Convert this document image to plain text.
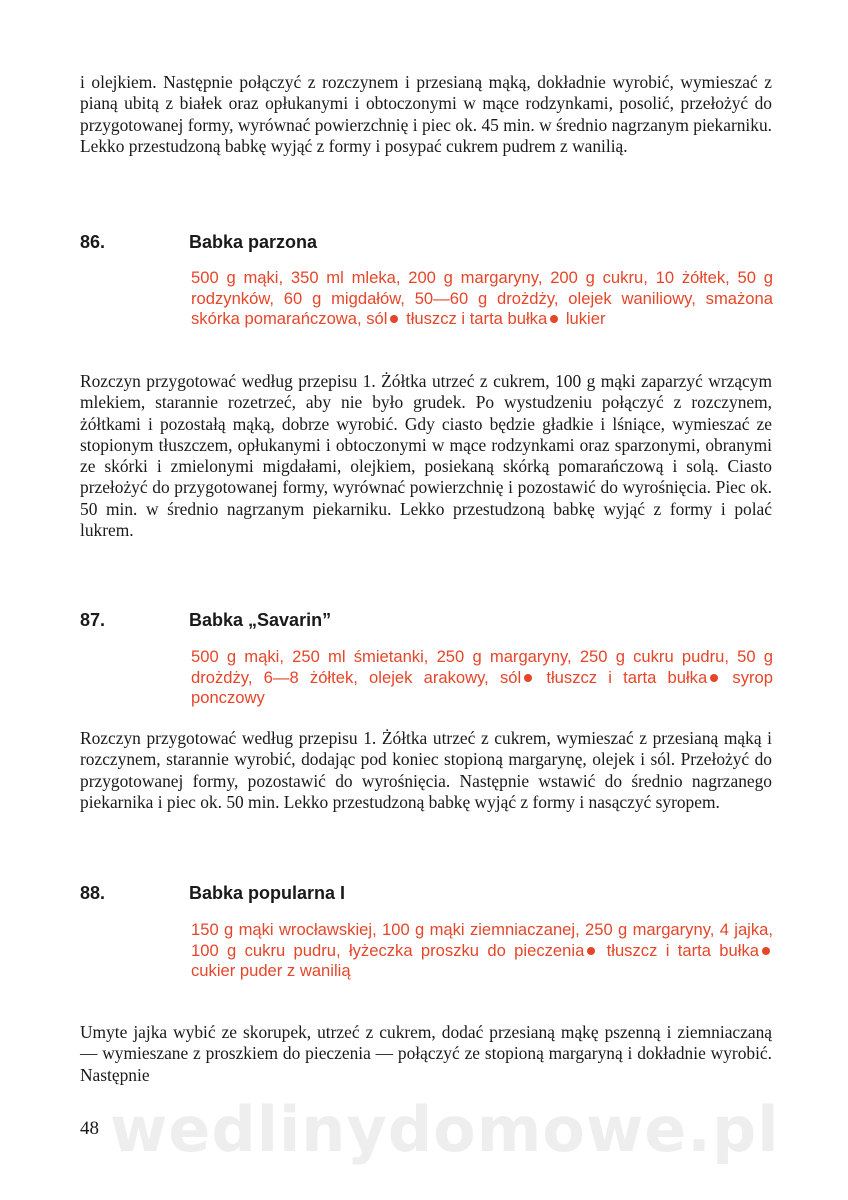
i olejkiem. Następnie połączyć z rozczynem i przesianą mąką, dokładnie wyrobić, wymieszać z pianą ubitą z białek oraz opłukanymi i obtoczonymi w mące rodzynkami, posolić, przełożyć do przygotowanej formy, wyrównać powierzchnię i piec ok. 45 min. w średnio nagrzanym piekarniku. Lekko przestudzoną babkę wyjąć z formy i posypać cukrem pudrem z wanilią.

86.	Babka parzona

500 g mąki, 350 ml mleka, 200 g margaryny, 200 g cukru, 10 żółtek, 50 g rodzynków, 60 g migdałów, 50—60 g drożdży, olejek waniliowy, smażona skórka pomarańczowa, sól tłuszcz i tarta bułka lukier

Rozczyn przygotować według przepisu 1. Żółtka utrzeć z cukrem, 100 g mąki zaparzyć wrzącym mlekiem, starannie rozetrzeć, aby nie było grudek. Po wystudzeniu połączyć z rozczynem, żółtkami i pozostałą mąką, dobrze wyrobić. Gdy ciasto będzie gładkie i lśniące, wymieszać ze stopionym tłuszczem, opłukanymi i obtoczonymi w mące rodzynkami oraz sparzonymi, obranymi ze skórki i zmielonymi migdałami, olejkiem, posiekaną skórką pomarańczową i solą. Ciasto przełożyć do przygotowanej formy, wyrównać powierzchnię i pozostawić do wyrośnięcia. Piec ok. 50 min. w średnio nagrzanym piekarniku. Lekko przestudzoną babkę wyjąć z formy i polać lukrem.

87.	Babka „Savarin”

500 g mąki, 250 ml śmietanki, 250 g margaryny, 250 g cukru pudru, 50 g drożdży, 6—8 żółtek, olejek arakowy, sól tłuszcz i tarta bułka syrop ponczowy

Rozczyn przygotować według przepisu 1. Żółtka utrzeć z cukrem, wymieszać z przesianą mąką i rozczynem, starannie wyrobić, dodając pod koniec stopioną margarynę, olejek i sól. Przełożyć do przygotowanej formy, pozostawić do wyrośnięcia. Następnie wstawić do średnio nagrzanego piekarnika i piec ok. 50 min. Lekko przestudzoną babkę wyjąć z formy i nasączyć syropem.

88.	Babka popularna I

150 g mąki wrocławskiej, 100 g mąki ziemniaczanej, 250 g margaryny, 4 jajka, 100 g cukru pudru, łyżeczka proszku do pieczenia tłuszcz i tarta bułka cukier puder z wanilią

Umyte jajka wybić ze skorupek, utrzeć z cukrem, dodać przesianą mąkę pszenną i ziemniaczaną — wymieszane z proszkiem do pieczenia — połączyć ze stopioną margaryną i dokładnie wyrobić. Następnie

wedlinydomowe.pl
48
